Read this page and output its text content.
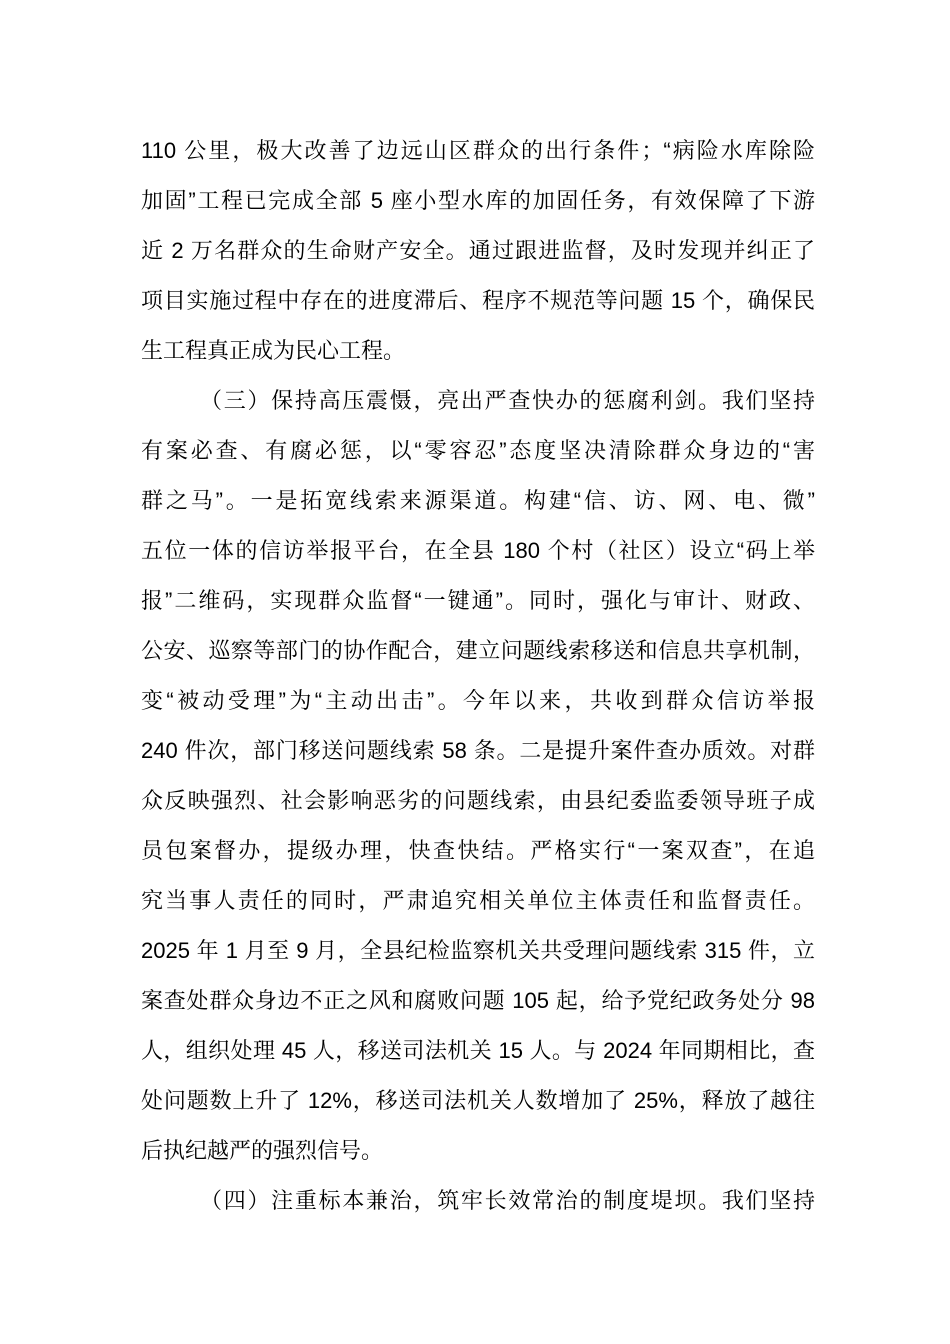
110 公里，极大改善了边远山区群众的出行条件；“病险水库除险
加固”工程已完成全部 5 座小型水库的加固任务，有效保障了下游
近 2 万名群众的生命财产安全。通过跟进监督，及时发现并纠正了
项目实施过程中存在的进度滞后、程序不规范等问题 15 个，确保民
生工程真正成为民心工程。
（三）保持高压震慑，亮出严查快办的惩腐利剑。我们坚持
有案必查、有腐必惩，以“零容忍”态度坚决清除群众身边的“害
群之马”。一是拓宽线索来源渠道。构建“信、访、网、电、微”
五位一体的信访举报平台，在全县 180 个村（社区）设立“码上举
报”二维码，实现群众监督“一键通”。同时，强化与审计、财政、
公安、巡察等部门的协作配合，建立问题线索移送和信息共享机制，
变“被动受理”为“主动出击”。今年以来，共收到群众信访举报
240 件次，部门移送问题线索 58 条。二是提升案件查办质效。对群
众反映强烈、社会影响恶劣的问题线索，由县纪委监委领导班子成
员包案督办，提级办理，快查快结。严格实行“一案双查”，在追
究当事人责任的同时，严肃追究相关单位主体责任和监督责任。
2025 年 1 月至 9 月，全县纪检监察机关共受理问题线索 315 件，立
案查处群众身边不正之风和腐败问题 105 起，给予党纪政务处分 98
人，组织处理 45 人，移送司法机关 15 人。与 2024 年同期相比，查
处问题数上升了 12%，移送司法机关人数增加了 25%，释放了越往
后执纪越严的强烈信号。
（四）注重标本兼治，筑牢长效常治的制度堤坝。我们坚持
